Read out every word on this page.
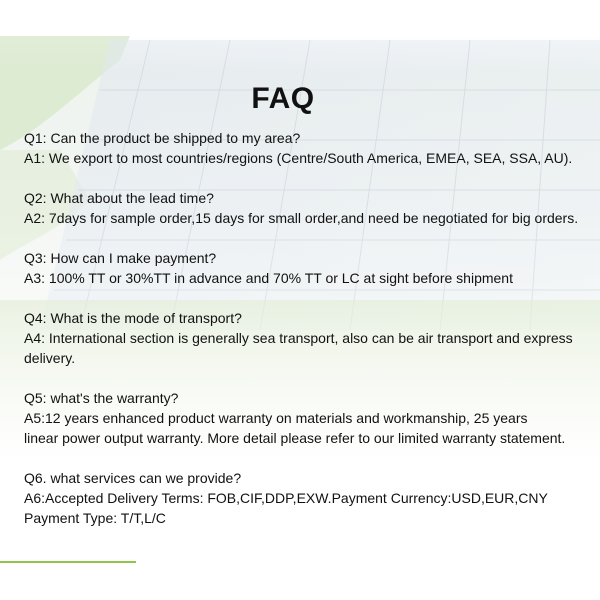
FAQ
Q1: Can the product be shipped to my area?
A1: We export to most countries/regions (Centre/South America, EMEA, SEA, SSA, AU).
Q2: What about the lead time?
A2: 7days for sample order,15 days for small order,and need be negotiated for big orders.
Q3: How can I make payment?
A3: 100% TT or 30%TT in advance and 70% TT or LC at sight before shipment
Q4: What is the mode of transport?
A4: International section is generally sea transport, also can be air transport and express
delivery.
Q5: what's the warranty?
A5:12 years enhanced product warranty on materials and workmanship, 25 years
linear power output warranty. More detail please refer to our limited warranty statement.
Q6. what services can we provide?
A6:Accepted Delivery Terms: FOB,CIF,DDP,EXW.Payment Currency:USD,EUR,CNY
Payment Type: T/T,L/C
